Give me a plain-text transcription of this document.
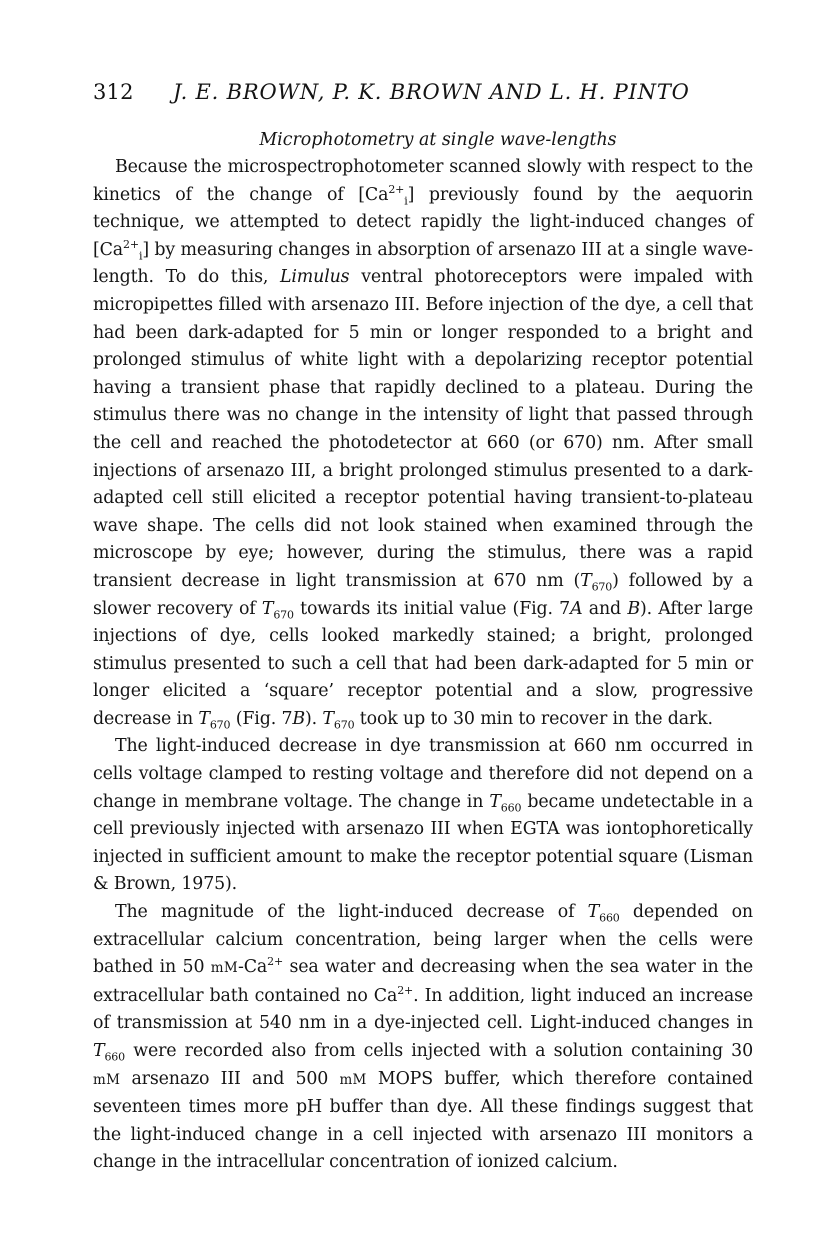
312	J. E. BROWN, P. K. BROWN AND L. H. PINTO
Microphotometry at single wave-lengths

Because the microspectrophotometer scanned slowly with respect to the kinetics of the change of $[Ca^{2+}_i]$ previously found by the aequorin technique, we attempted to detect rapidly the light-induced changes of $[Ca^{2+}_i]$ by measuring changes in absorption of arsenazo III at a single wave-length. To do this, Limulus ventral photoreceptors were impaled with micropipettes filled with arsenazo III. Before injection of the dye, a cell that had been dark-adapted for 5 min or longer responded to a bright and prolonged stimulus of white light with a depolarizing receptor potential having a transient phase that rapidly declined to a plateau. During the stimulus there was no change in the intensity of light that passed through the cell and reached the photodetector at 660 (or 670) nm. After small injections of arsenazo III, a bright prolonged stimulus presented to a dark-adapted cell still elicited a receptor potential having transient-to-plateau wave shape. The cells did not look stained when examined through the microscope by eye; however, during the stimulus, there was a rapid transient decrease in light transmission at 670 nm $(T_{670})$ followed by a slower recovery of $T_{670}$ towards its initial value (Fig. 7A and B). After large injections of dye, cells looked markedly stained; a bright, prolonged stimulus presented to such a cell that had been dark-adapted for 5 min or longer elicited a ‘square’ receptor potential and a slow, progressive decrease in $T_{670}$ (Fig. 7B). $T_{670}$ took up to 30 min to recover in the dark.

The light-induced decrease in dye transmission at 660 nm occurred in cells voltage clamped to resting voltage and therefore did not depend on a change in membrane voltage. The change in $T_{660}$ became undetectable in a cell previously injected with arsenazo III when EGTA was iontophoretically injected in sufficient amount to make the receptor potential square (Lisman & Brown, 1975).

The magnitude of the light-induced decrease of $T_{660}$ depended on extracellular calcium concentration, being larger when the cells were bathed in 50 $mM-Ca^{2+}$ sea water and decreasing when the sea water in the extracellular bath contained no $Ca^{2+}$. In addition, light induced an increase of transmission at 540 nm in a dye-injected cell. Light-induced changes in $T_{660}$ were recorded also from cells injected with a solution containing 30 mM arsenazo III and 500 mM MOPS buffer, which therefore contained seventeen times more pH buffer than dye. All these findings suggest that the light-induced change in a cell injected with arsenazo III monitors a change in the intracellular concentration of ionized calcium.
